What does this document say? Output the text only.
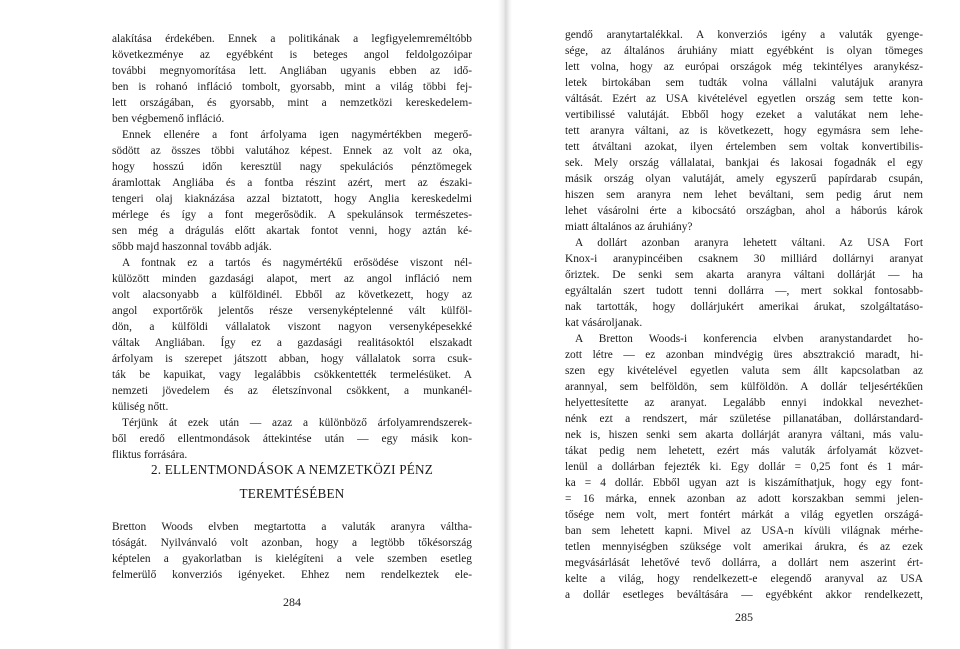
alakítása érdekében. Ennek a politikának a legfigyelemreméltóbb
következménye az egyébként is beteges angol feldolgozóipar
további megnyomorítása lett. Angliában ugyanis ebben az idő-
ben is rohanó infláció tombolt, gyorsabb, mint a világ többi fej-
lett országában, és gyorsabb, mint a nemzetközi kereskedelem-
ben végbemenő infláció.
Ennek ellenére a font árfolyama igen nagymértékben megerő-
södött az összes többi valutához képest. Ennek az volt az oka,
hogy hosszú időn keresztül nagy spekulációs pénztömegek
áramlottak Angliába és a fontba részint azért, mert az északi-
tengeri olaj kiaknázása azzal biztatott, hogy Anglia kereskedelmi
mérlege és így a font megerősödik. A spekulánsok természetes-
sen még a drágulás előtt akartak fontot venni, hogy aztán ké-
sőbb majd haszonnal tovább adják.
A fontnak ez a tartós és nagymértékű erősödése viszont nél-
külözött minden gazdasági alapot, mert az angol infláció nem
volt alacsonyabb a külföldinél. Ebből az következett, hogy az
angol exportőrök jelentős része versenyképtelenné vált külföl-
dön, a külföldi vállalatok viszont nagyon versenyképesekké
váltak Angliában. Így ez a gazdasági realitásoktól elszakadt
árfolyam is szerepet játszott abban, hogy vállalatok sorra csuk-
ták be kapuikat, vagy legalábbis csökkentették termelésüket. A
nemzeti jövedelem és az életszínvonal csökkent, a munkanél-
küliség nőtt.
Térjünk át ezek után — azaz a különböző árfolyamrendszerek-
ből eredő ellentmondások áttekintése után — egy másik kon-
fliktus forrására.
2. ELLENTMONDÁSOK A NEMZETKÖZI PÉNZ
TEREMTÉSÉBEN
Bretton Woods elvben megtartotta a valuták aranyra váltha-
tóságát. Nyilvánvaló volt azonban, hogy a legtöbb tőkésország
képtelen a gyakorlatban is kielégíteni a vele szemben esetleg
felmerülő konverziós igényeket. Ehhez nem rendelkeztek ele-
284
gendő aranytartalékkal. A konverziós igény a valuták gyenge-
sége, az általános áruhiány miatt egyébként is olyan tömeges
lett volna, hogy az európai országok még tekintélyes aranykész-
letek birtokában sem tudták volna vállalni valutájuk aranyra
váltását. Ezért az USA kivételével egyetlen ország sem tette kon-
vertibilissé valutáját. Ebből hogy ezeket a valutákat nem lehe-
tett aranyra váltani, az is következett, hogy egymásra sem lehe-
tett átváltani azokat, ilyen értelemben sem voltak konvertibilis-
sek. Mely ország vállalatai, bankjai és lakosai fogadnák el egy
másik ország olyan valutáját, amely egyszerű papírdarab csupán,
hiszen sem aranyra nem lehet beváltani, sem pedig árut nem
lehet vásárolni érte a kibocsátó országban, ahol a háborús károk
miatt általános az áruhiány?
A dollárt azonban aranyra lehetett váltani. Az USA Fort
Knox-i aranypincéiben csaknem 30 milliárd dollárnyi aranyat
őriztek. De senki sem akarta aranyra váltani dollárját — ha
egyáltalán szert tudott tenni dollárra —, mert sokkal fontosabb-
nak tartották, hogy dollárjukért amerikai árukat, szolgáltatáso-
kat vásároljanak.
A Bretton Woods-i konferencia elvben aranystandardet ho-
zott létre — ez azonban mindvégig üres absztrakció maradt, hi-
szen egy kivételével egyetlen valuta sem állt kapcsolatban az
arannyal, sem belföldön, sem külföldön. A dollár teljesértékűen
helyettesítette az aranyat. Legalább ennyi indokkal nevezhet-
nénk ezt a rendszert, már születése pillanatában, dollárstandard-
nek is, hiszen senki sem akarta dollárját aranyra váltani, más valu-
tákat pedig nem lehetett, ezért más valuták árfolyamát közvet-
lenül a dollárban fejezték ki. Egy dollár = 0,25 font és 1 már-
ka = 4 dollár. Ebből ugyan azt is kiszámíthatjuk, hogy egy font-
= 16 márka, ennek azonban az adott korszakban semmi jelen-
tősége nem volt, mert fontért márkát a világ egyetlen országá-
ban sem lehetett kapni. Mivel az USA-n kívüli világnak mérhe-
tetlen mennyiségben szüksége volt amerikai árukra, és az ezek
megvásárlását lehetővé tevő dollárra, a dollárt nem aszerint ért-
kelte a világ, hogy rendelkezett-e elegendő aranyval az USA
a dollár esetleges beváltására — egyébként akkor rendelkezett,
285
